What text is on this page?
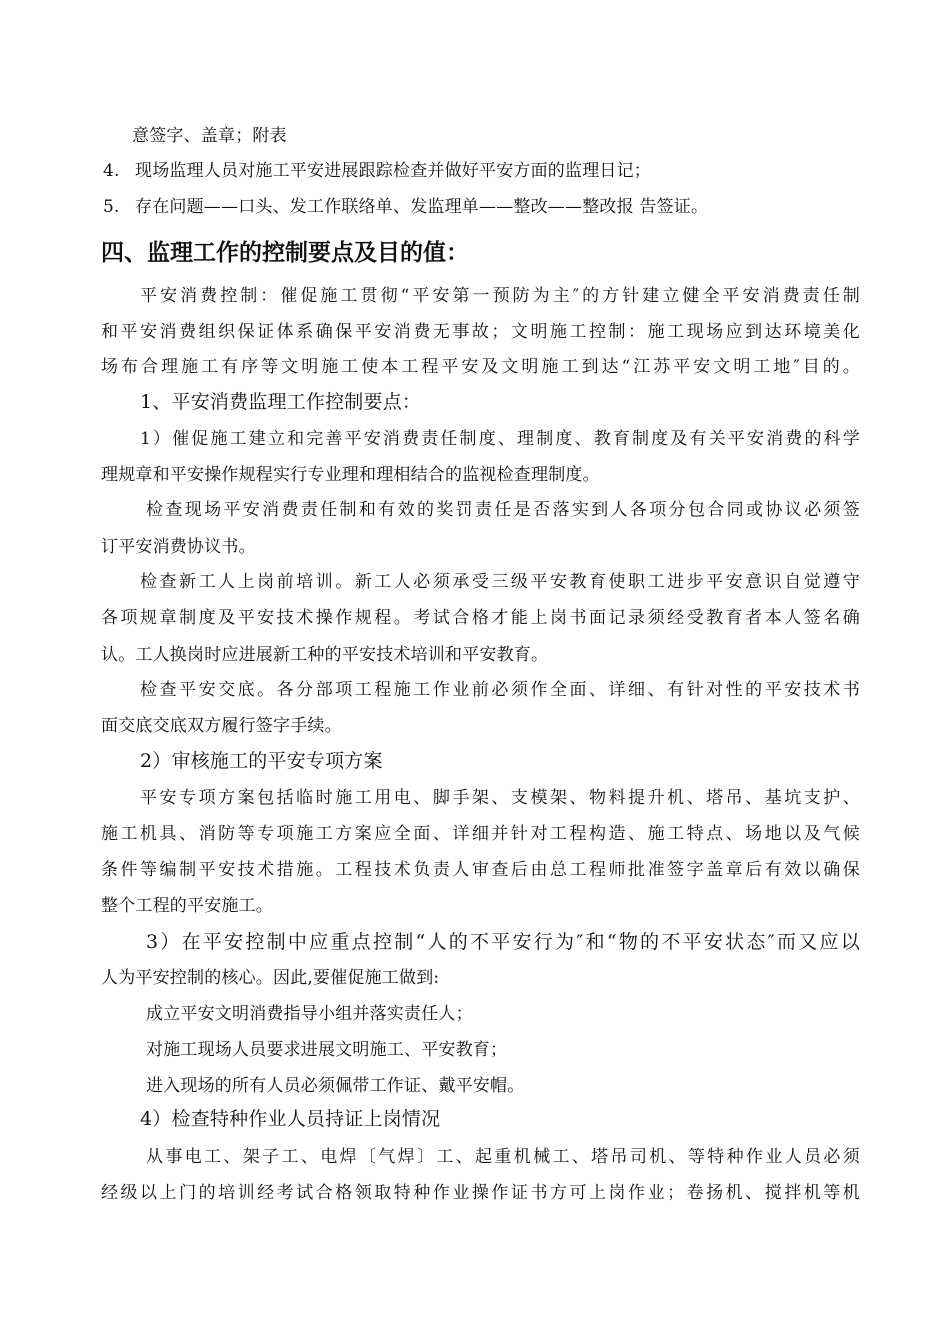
意签字、盖章；附表
4. 现场监理人员对施工平安进展跟踪检查并做好平安方面的监理日记；
5. 存在问题——口头、发工作联络单、发监理单——整改——整改报 告签证。
四、监理工作的控制要点及目的值：
平安消费控制：催促施工贯彻“平安第一预防为主″的方针建立健全平安消费责任制
和平安消费组织保证体系确保平安消费无事故；文明施工控制：施工现场应到达环境美化
场布合理施工有序等文明施工使本工程平安及文明施工到达“江苏平安文明工地″目的。
1、平安消费监理工作控制要点：
1）催促施工建立和完善平安消费责任制度、理制度、教育制度及有关平安消费的科学
理规章和平安操作规程实行专业理和理相结合的监视检查理制度。
检查现场平安消费责任制和有效的奖罚责任是否落实到人各项分包合同或协议必须签
订平安消费协议书。
检查新工人上岗前培训。新工人必须承受三级平安教育使职工进步平安意识自觉遵守
各项规章制度及平安技术操作规程。考试合格才能上岗书面记录须经受教育者本人签名确
认。工人换岗时应进展新工种的平安技术培训和平安教育。
检查平安交底。各分部项工程施工作业前必须作全面、详细、有针对性的平安技术书
面交底交底双方履行签字手续。
2）审核施工的平安专项方案
平安专项方案包括临时施工用电、脚手架、支模架、物料提升机、塔吊、基坑支护、
施工机具、消防等专项施工方案应全面、详细并针对工程构造、施工特点、场地以及气候
条件等编制平安技术措施。工程技术负责人审查后由总工程师批准签字盖章后有效以确保
整个工程的平安施工。
3）在平安控制中应重点控制“人的不平安行为″和“物的不平安状态″而又应以
人为平安控制的核心。因此,要催促施工做到:
成立平安文明消费指导小组并落实责任人；
对施工现场人员要求进展文明施工、平安教育；
进入现场的所有人员必须佩带工作证、戴平安帽。
4）检查特种作业人员持证上岗情况
从事电工、架子工、电焊〔气焊〕工、起重机械工、塔吊司机、等特种作业人员必须
经级以上门的培训经考试合格领取特种作业操作证书方可上岗作业；卷扬机、搅拌机等机
